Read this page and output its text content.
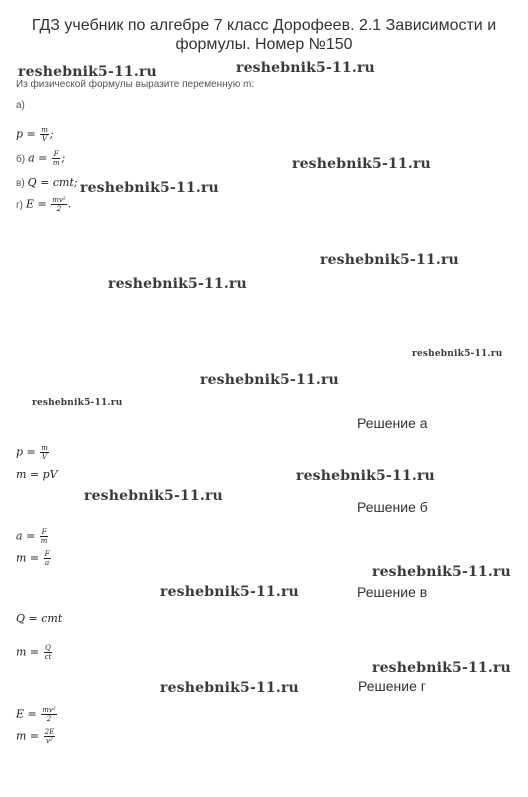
ГДЗ учебник по алгебре 7 класс Дорофеев. 2.1 Зависимости и формулы. Номер №150
reshebnik5-11.ru	reshebnik5-11.ru
reshebnik5-11.ru
reshebnik5-11.ru
reshebnik5-11.ru
reshebnik5-11.ru
reshebnik5-11.ru
reshebnik5-11.ru
reshebnik5-11.ru
reshebnik5-11.ru
reshebnik5-11.ru
reshebnik5-11.ru
reshebnik5-11.ru
reshebnik5-11.ru
reshebnik5-11.ru
Из физической формулы выразите переменную m:
а)
$p = \frac{m}{V}$ ;
б) $a = \frac{F}{m}$ ;
в) Q = cmt;
г) $E = \frac{\text{mv²}}{2}$ .
Решение а
$p = \frac{m}{V}$
m = pV
Решение б
$a = \frac{F}{m}$
$m = \frac{F}{a}$
Решение в
Q = cmt
$m = \frac{Q}{ct}$
Решение г
$E = \frac{\text{mv²}}{2}$
$m = \frac{2E}{\text{v²}}$
